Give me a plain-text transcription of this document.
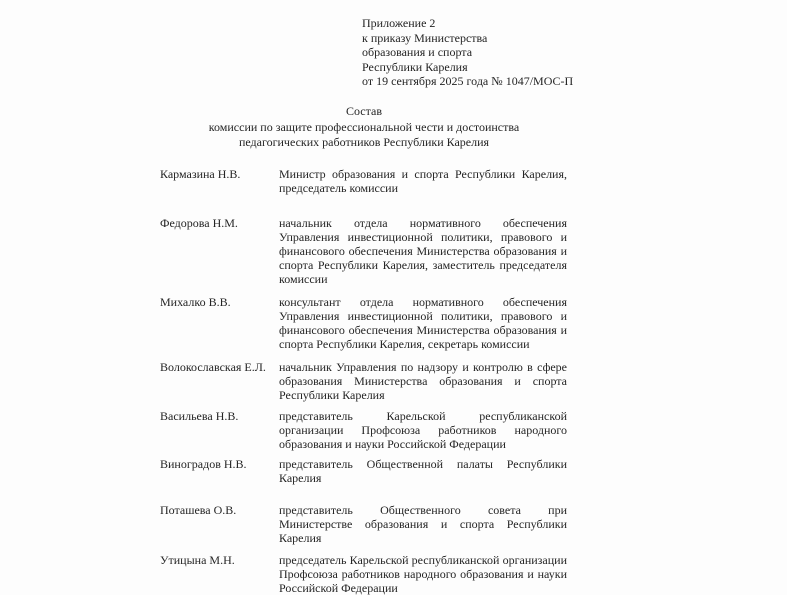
Приложение 2
к приказу Министерства
образования и спорта
Республики Карелия
от 19 сентября 2025 года № 1047/МОС-П
Состав
комиссии по защите профессиональной чести и достоинства
педагогических работников Республики Карелия
Кармазина Н.В.	Министр образования и спорта Республики Карелия, председатель комиссии
Федорова Н.М.	начальник отдела нормативного обеспечения Управления инвестиционной политики, правового и финансового обеспечения Министерства образования и спорта Республики Карелия, заместитель председателя комиссии
Михалко В.В.	консультант отдела нормативного обеспечения Управления инвестиционной политики, правового и финансового обеспечения Министерства образования и спорта Республики Карелия, секретарь комиссии
Волокославская Е.Л.	начальник Управления по надзору и контролю в сфере образования Министерства образования и спорта Республики Карелия
Васильева Н.В.	представитель Карельской республиканской организации Профсоюза работников народного образования и науки Российской Федерации
Виноградов Н.В.	представитель Общественной палаты Республики Карелия
Поташева О.В.	представитель Общественного совета при Министерстве образования и спорта Республики Карелия
Утицына М.Н.	председатель Карельской республиканской организации Профсоюза работников народного образования и науки Российской Федерации
